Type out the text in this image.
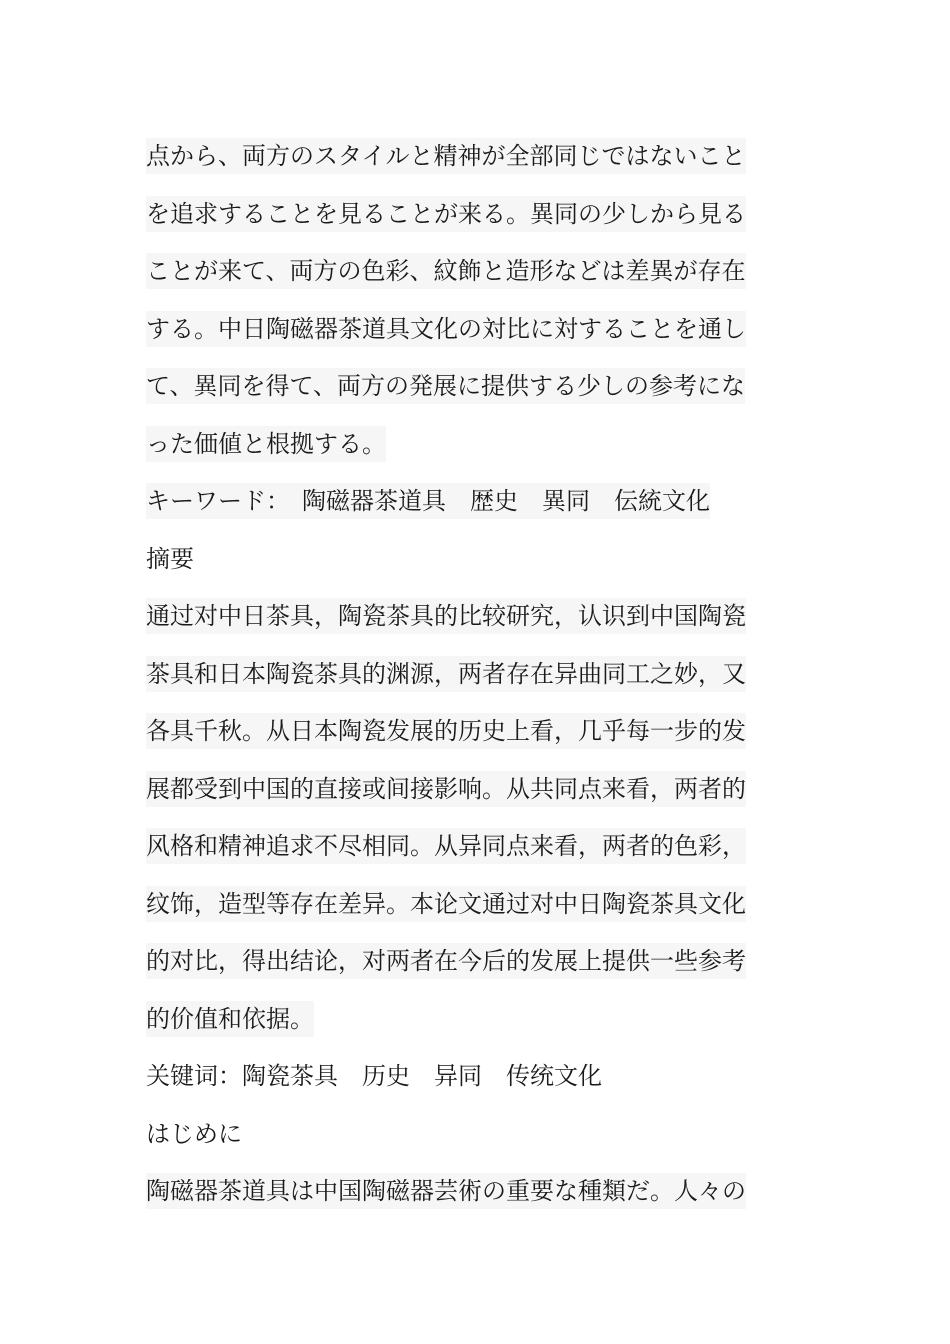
点から、両方のスタイルと精神が全部同じではないこと
を追求することを見ることが来る。異同の少しから見る
ことが来て、両方の色彩、紋飾と造形などは差異が存在
する。中日陶磁器茶道具文化の対比に対することを通し
て、異同を得て、両方の発展に提供する少しの参考にな
った価値と根拠する。
キーワード：　陶磁器茶道具　歴史　異同　伝統文化
摘要
通过对中日茶具，陶瓷茶具的比较研究，认识到中国陶瓷
茶具和日本陶瓷茶具的渊源，两者存在异曲同工之妙，又
各具千秋。从日本陶瓷发展的历史上看，几乎每一步的发
展都受到中国的直接或间接影响。从共同点来看，两者的
风格和精神追求不尽相同。从异同点来看，两者的色彩，
纹饰，造型等存在差异。本论文通过对中日陶瓷茶具文化
的对比，得出结论，对两者在今后的发展上提供一些参考
的价值和依据。
关键词：陶瓷茶具　历史　异同　传统文化
はじめに
陶磁器茶道具は中国陶磁器芸術の重要な種類だ。人々の
